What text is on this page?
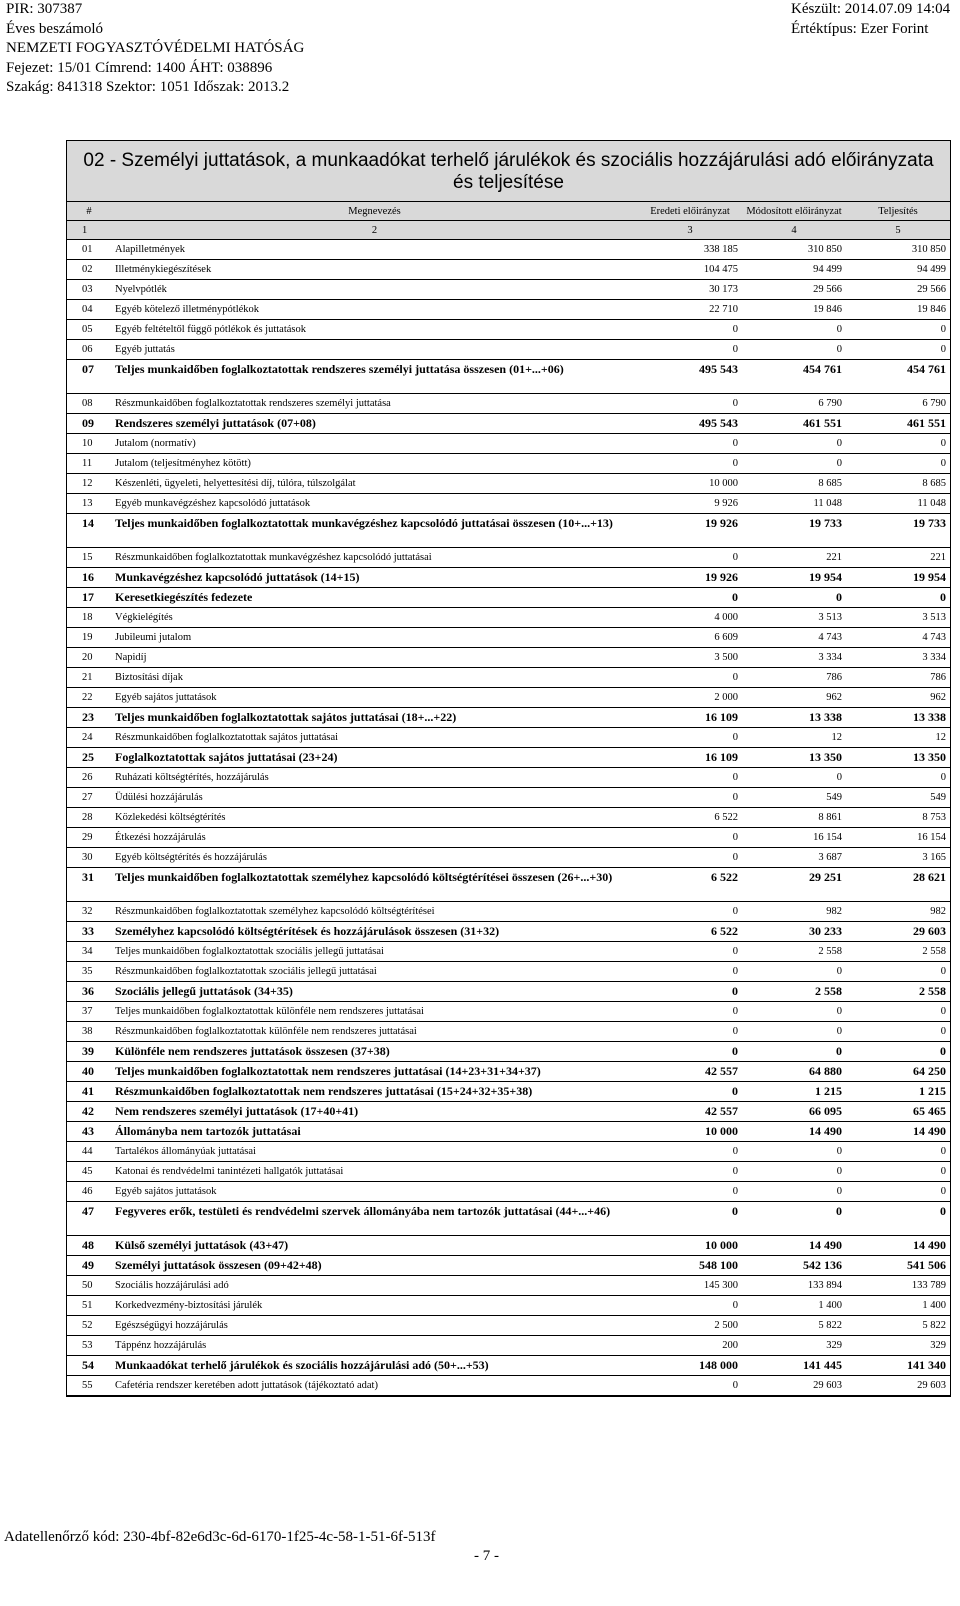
PIR: 307387
Éves beszámoló
NEMZETI FOGYASZTÓVÉDELMI HATÓSÁG
Fejezet: 15/01 Címrend: 1400 ÁHT: 038896
Szakág: 841318 Szektor: 1051 Időszak: 2013.2
Készült: 2014.07.09 14:04
Értéktípus: Ezer Forint
02 - Személyi juttatások, a munkaadókat terhelő járulékok és szociális hozzájárulási adó előirányzata és teljesítése
#	Megnevezés	Eredeti előirányzat	Módosított előirányzat	Teljesítés
1	2	3	4	5
01	Alapilletmények	338 185	310 850	310 850
02	Illetménykiegészítések	104 475	94 499	94 499
03	Nyelvpótlék	30 173	29 566	29 566
04	Egyéb kötelező illetménypótlékok	22 710	19 846	19 846
05	Egyéb feltételtől függő pótlékok és juttatások	0	0	0
06	Egyéb juttatás	0	0	0
07	Teljes munkaidőben foglalkoztatottak rendszeres személyi juttatása összesen (01+...+06)	495 543	454 761	454 761
08	Részmunkaidőben foglalkoztatottak rendszeres személyi juttatása	0	6 790	6 790
09	Rendszeres személyi juttatások (07+08)	495 543	461 551	461 551
10	Jutalom (normatív)	0	0	0
11	Jutalom (teljesítményhez kötött)	0	0	0
12	Készenléti, ügyeleti, helyettesítési díj, túlóra, túlszolgálat	10 000	8 685	8 685
13	Egyéb munkavégzéshez kapcsolódó juttatások	9 926	11 048	11 048
14	Teljes munkaidőben foglalkoztatottak munkavégzéshez kapcsolódó juttatásai összesen (10+...+13)	19 926	19 733	19 733
15	Részmunkaidőben foglalkoztatottak munkavégzéshez kapcsolódó juttatásai	0	221	221
16	Munkavégzéshez kapcsolódó juttatások (14+15)	19 926	19 954	19 954
17	Keresetkiegészítés fedezete	0	0	0
18	Végkielégítés	4 000	3 513	3 513
19	Jubileumi jutalom	6 609	4 743	4 743
20	Napidíj	3 500	3 334	3 334
21	Biztosítási díjak	0	786	786
22	Egyéb sajátos juttatások	2 000	962	962
23	Teljes munkaidőben foglalkoztatottak sajátos juttatásai (18+...+22)	16 109	13 338	13 338
24	Részmunkaidőben foglalkoztatottak sajátos juttatásai	0	12	12
25	Foglalkoztatottak sajátos juttatásai (23+24)	16 109	13 350	13 350
26	Ruházati költségtérítés, hozzájárulás	0	0	0
27	Üdülési hozzájárulás	0	549	549
28	Közlekedési költségtérítés	6 522	8 861	8 753
29	Étkezési hozzájárulás	0	16 154	16 154
30	Egyéb költségtérítés és hozzájárulás	0	3 687	3 165
31	Teljes munkaidőben foglalkoztatottak személyhez kapcsolódó költségtérítései összesen (26+...+30)	6 522	29 251	28 621
32	Részmunkaidőben foglalkoztatottak személyhez kapcsolódó költségtérítései	0	982	982
33	Személyhez kapcsolódó költségtérítések és hozzájárulások összesen (31+32)	6 522	30 233	29 603
34	Teljes munkaidőben foglalkoztatottak szociális jellegű juttatásai	0	2 558	2 558
35	Részmunkaidőben foglalkoztatottak szociális jellegű juttatásai	0	0	0
36	Szociális jellegű juttatások (34+35)	0	2 558	2 558
37	Teljes munkaidőben foglalkoztatottak különféle nem rendszeres juttatásai	0	0	0
38	Részmunkaidőben foglalkoztatottak különféle nem rendszeres juttatásai	0	0	0
39	Különféle nem rendszeres juttatások összesen (37+38)	0	0	0
40	Teljes munkaidőben foglalkoztatottak nem rendszeres juttatásai (14+23+31+34+37)	42 557	64 880	64 250
41	Részmunkaidőben foglalkoztatottak nem rendszeres juttatásai (15+24+32+35+38)	0	1 215	1 215
42	Nem rendszeres személyi juttatások (17+40+41)	42 557	66 095	65 465
43	Állományba nem tartozók juttatásai	10 000	14 490	14 490
44	Tartalékos állományúak juttatásai	0	0	0
45	Katonai és rendvédelmi tanintézeti hallgatók juttatásai	0	0	0
46	Egyéb sajátos juttatások	0	0	0
47	Fegyveres erők, testületi és rendvédelmi szervek állományába nem tartozók juttatásai (44+...+46)	0	0	0
48	Külső személyi juttatások (43+47)	10 000	14 490	14 490
49	Személyi juttatások összesen (09+42+48)	548 100	542 136	541 506
50	Szociális hozzájárulási adó	145 300	133 894	133 789
51	Korkedvezmény-biztosítási járulék	0	1 400	1 400
52	Egészségügyi hozzájárulás	2 500	5 822	5 822
53	Táppénz hozzájárulás	200	329	329
54	Munkaadókat terhelő járulékok és szociális hozzájárulási adó (50+...+53)	148 000	141 445	141 340
55	Cafetéria rendszer keretében adott juttatások (tájékoztató adat)	0	29 603	29 603
Adatellenőrző kód: 230-4bf-82e6d3c-6d-6170-1f25-4c-58-1-51-6f-513f
- 7 -
